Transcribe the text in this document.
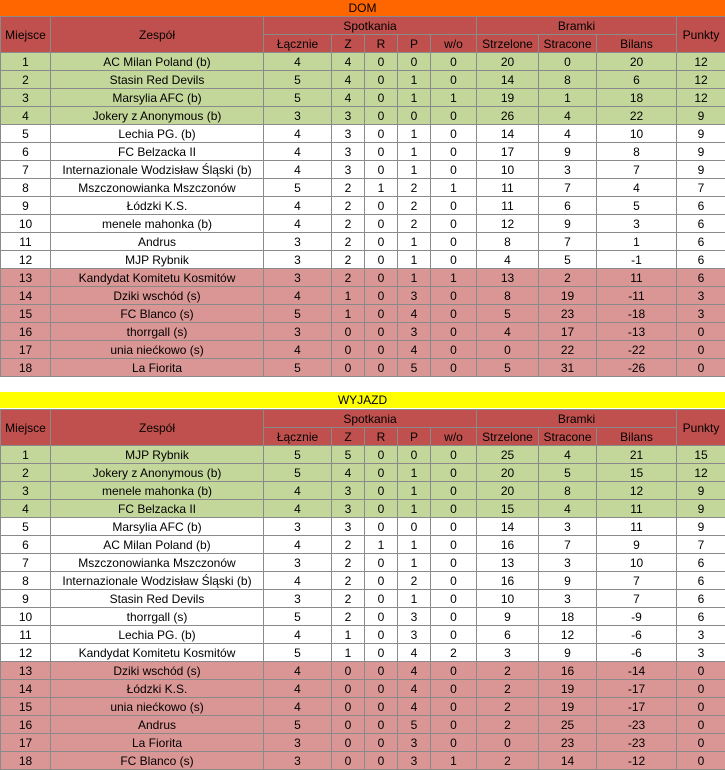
DOM
Miejsce	Zespół	Spotkania					Bramki			Punkty
		Łącznie	Z	R	P	w/o	Strzelone	Stracone	Bilans	
1	AC Milan Poland (b)	4	4	0	0	0	20	0	20	12
2	Stasin Red Devils	5	4	0	1	0	14	8	6	12
3	Marsylia AFC (b)	5	4	0	1	1	19	1	18	12
4	Jokery z Anonymous (b)	3	3	0	0	0	26	4	22	9
5	Lechia PG. (b)	4	3	0	1	0	14	4	10	9
6	FC Belzacka II	4	3	0	1	0	17	9	8	9
7	Internazionale Wodzisław Śląski (b)	4	3	0	1	0	10	3	7	9
8	Mszczonowianka Mszczonów	5	2	1	2	1	11	7	4	7
9	Łódzki K.S.	4	2	0	2	0	11	6	5	6
10	menele mahonka (b)	4	2	0	2	0	12	9	3	6
11	Andrus	3	2	0	1	0	8	7	1	6
12	MJP Rybnik	3	2	0	1	0	4	5	-1	6
13	Kandydat Komitetu Kosmitów	3	2	0	1	1	13	2	11	6
14	Dziki wschód (s)	4	1	0	3	0	8	19	-11	3
15	FC Blanco (s)	5	1	0	4	0	5	23	-18	3
16	thorrgall (s)	3	0	0	3	0	4	17	-13	0
17	unia niećkowo (s)	4	0	0	4	0	0	22	-22	0
18	La Fiorita	5	0	0	5	0	5	31	-26	0
WYJAZD
Miejsce	Zespół	Spotkania					Bramki			Punkty
		Łącznie	Z	R	P	w/o	Strzelone	Stracone	Bilans	
1	MJP Rybnik	5	5	0	0	0	25	4	21	15
2	Jokery z Anonymous (b)	5	4	0	1	0	20	5	15	12
3	menele mahonka (b)	4	3	0	1	0	20	8	12	9
4	FC Belzacka II	4	3	0	1	0	15	4	11	9
5	Marsylia AFC (b)	3	3	0	0	0	14	3	11	9
6	AC Milan Poland (b)	4	2	1	1	0	16	7	9	7
7	Mszczonowianka Mszczonów	3	2	0	1	0	13	3	10	6
8	Internazionale Wodzisław Śląski (b)	4	2	0	2	0	16	9	7	6
9	Stasin Red Devils	3	2	0	1	0	10	3	7	6
10	thorrgall (s)	5	2	0	3	0	9	18	-9	6
11	Lechia PG. (b)	4	1	0	3	0	6	12	-6	3
12	Kandydat Komitetu Kosmitów	5	1	0	4	2	3	9	-6	3
13	Dziki wschód (s)	4	0	0	4	0	2	16	-14	0
14	Łódzki K.S.	4	0	0	4	0	2	19	-17	0
15	unia niećkowo (s)	4	0	0	4	0	2	19	-17	0
16	Andrus	5	0	0	5	0	2	25	-23	0
17	La Fiorita	3	0	0	3	0	0	23	-23	0
18	FC Blanco (s)	3	0	0	3	1	2	14	-12	0
